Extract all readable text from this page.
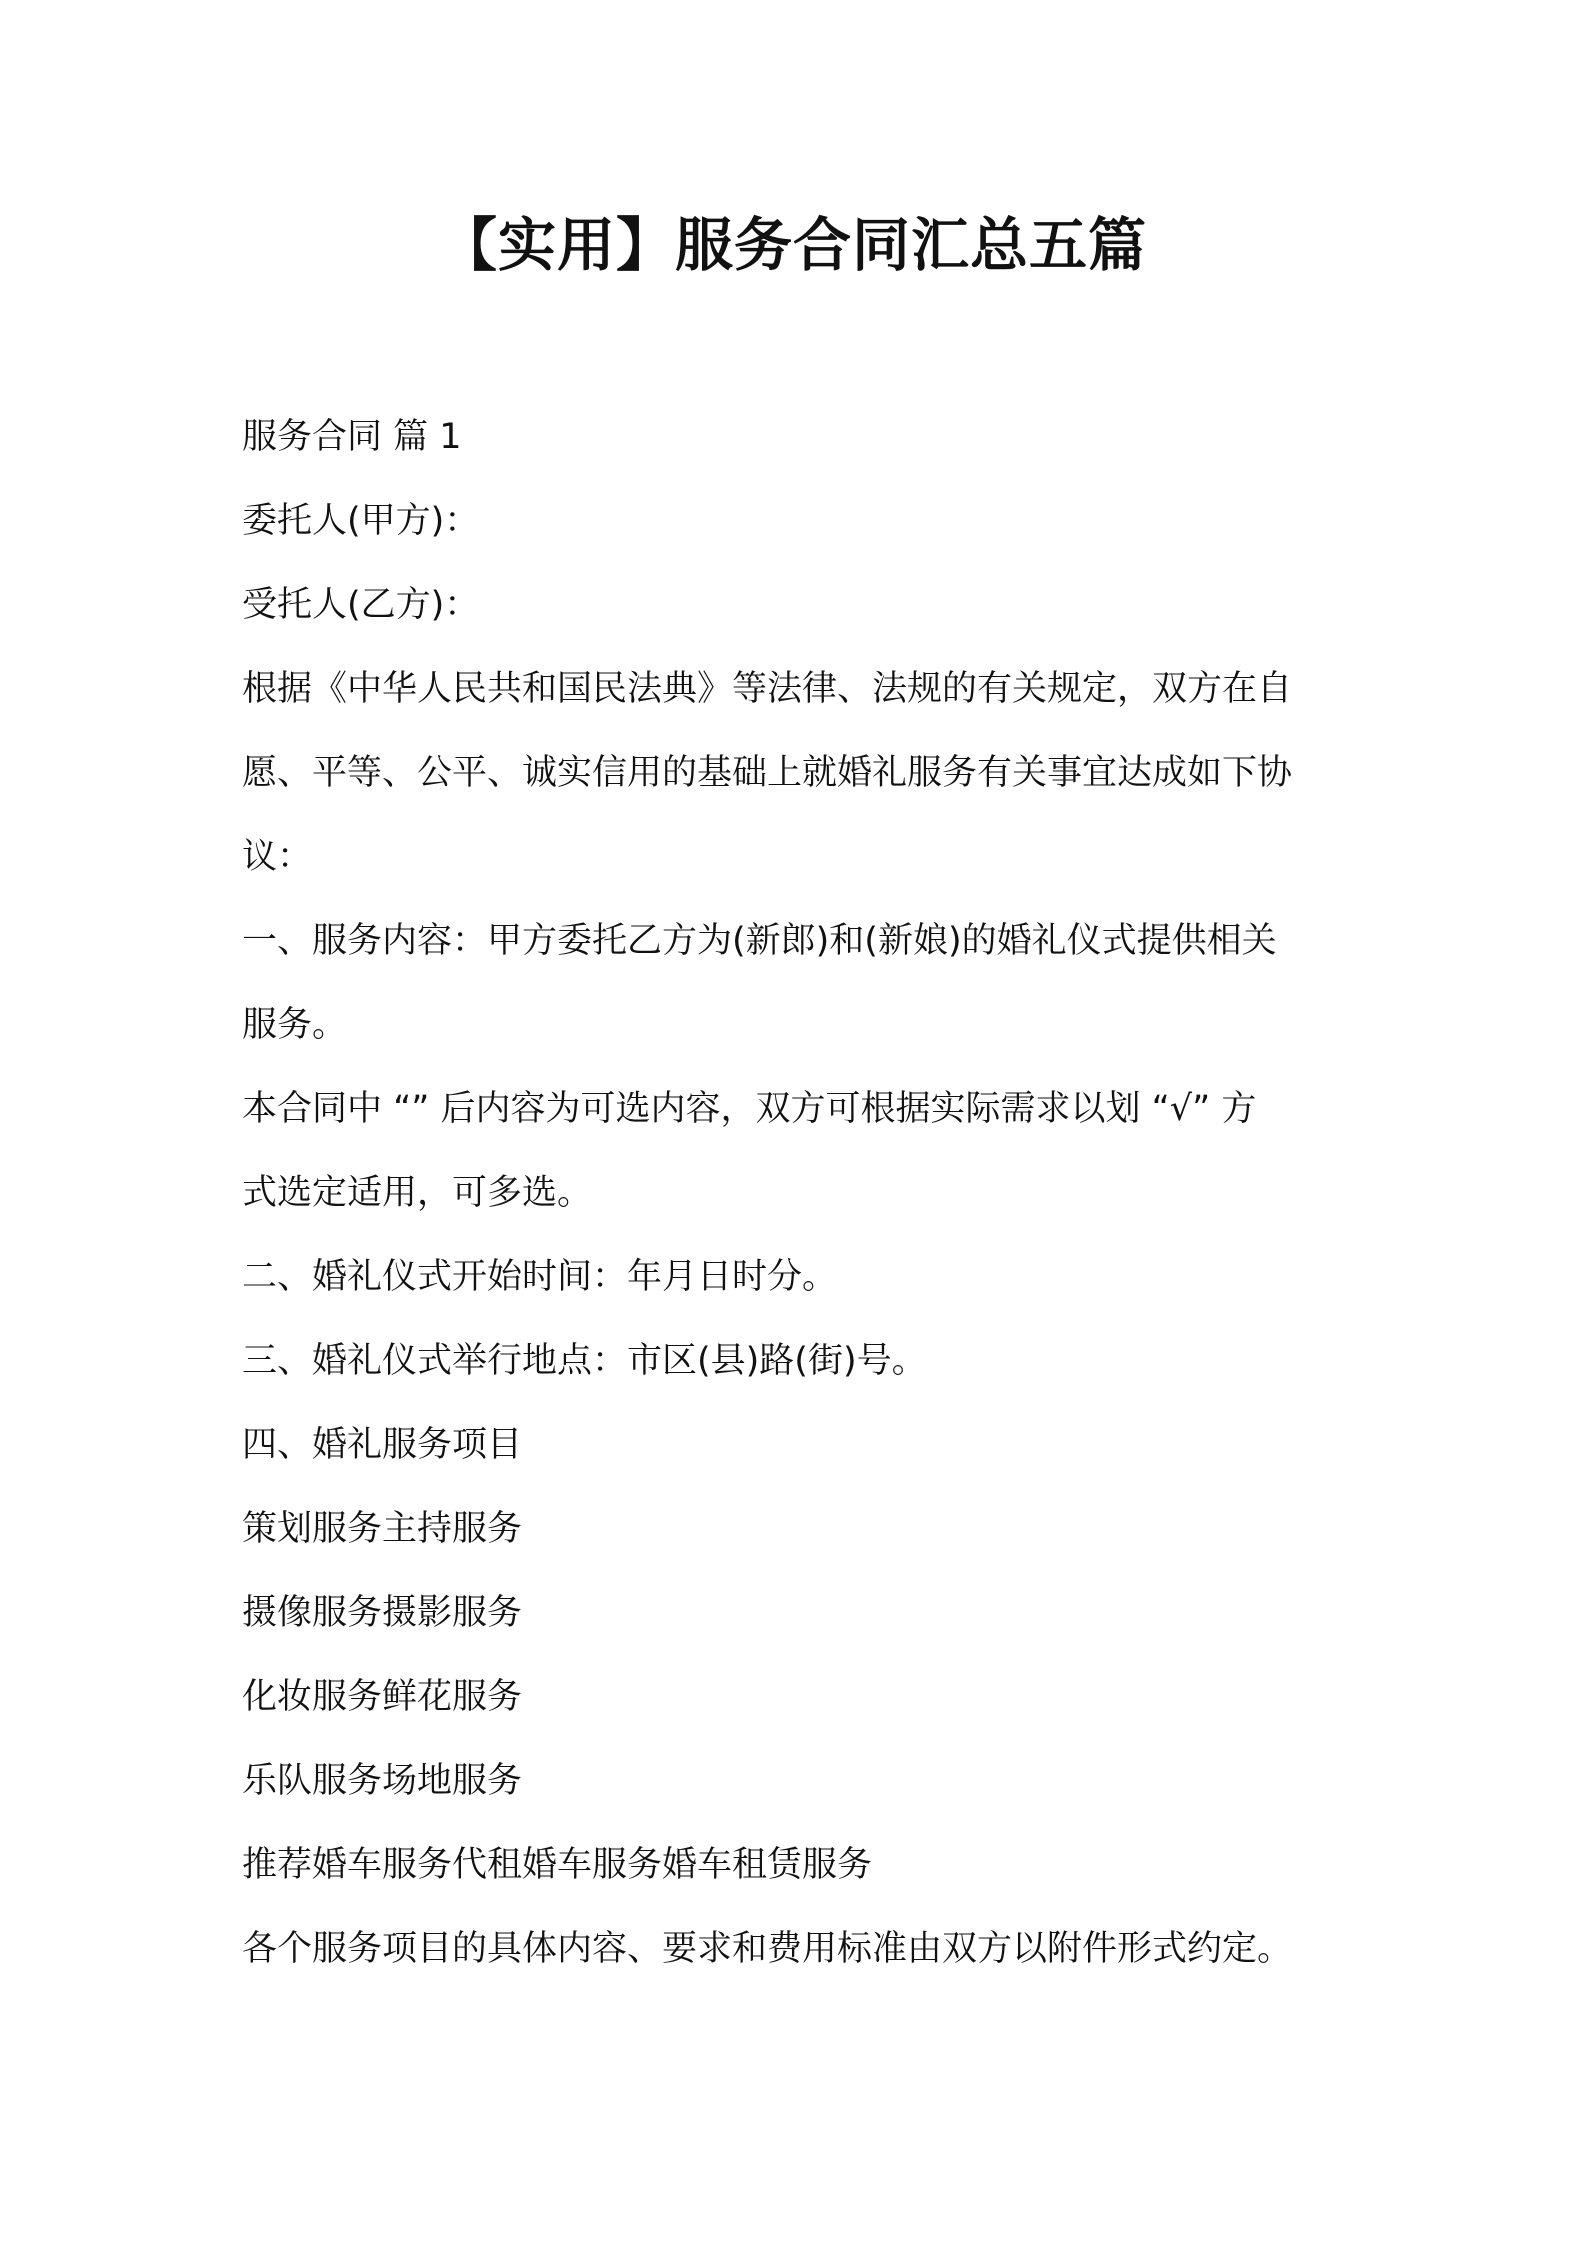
【实用】服务合同汇总五篇

服务合同 篇 1

委托人(甲方)：

受托人(乙方)：

根据《中华人民共和国民法典》等法律、法规的有关规定，双方在自

愿、平等、公平、诚实信用的基础上就婚礼服务有关事宜达成如下协

议：

一、服务内容：甲方委托乙方为(新郎)和(新娘)的婚礼仪式提供相关

服务。

本合同中 “” 后内容为可选内容，双方可根据实际需求以划 “√” 方

式选定适用，可多选。

二、婚礼仪式开始时间：年月日时分。

三、婚礼仪式举行地点：市区(县)路(街)号。

四、婚礼服务项目

策划服务主持服务

摄像服务摄影服务

化妆服务鲜花服务

乐队服务场地服务

推荐婚车服务代租婚车服务婚车租赁服务

各个服务项目的具体内容、要求和费用标准由双方以附件形式约定。
